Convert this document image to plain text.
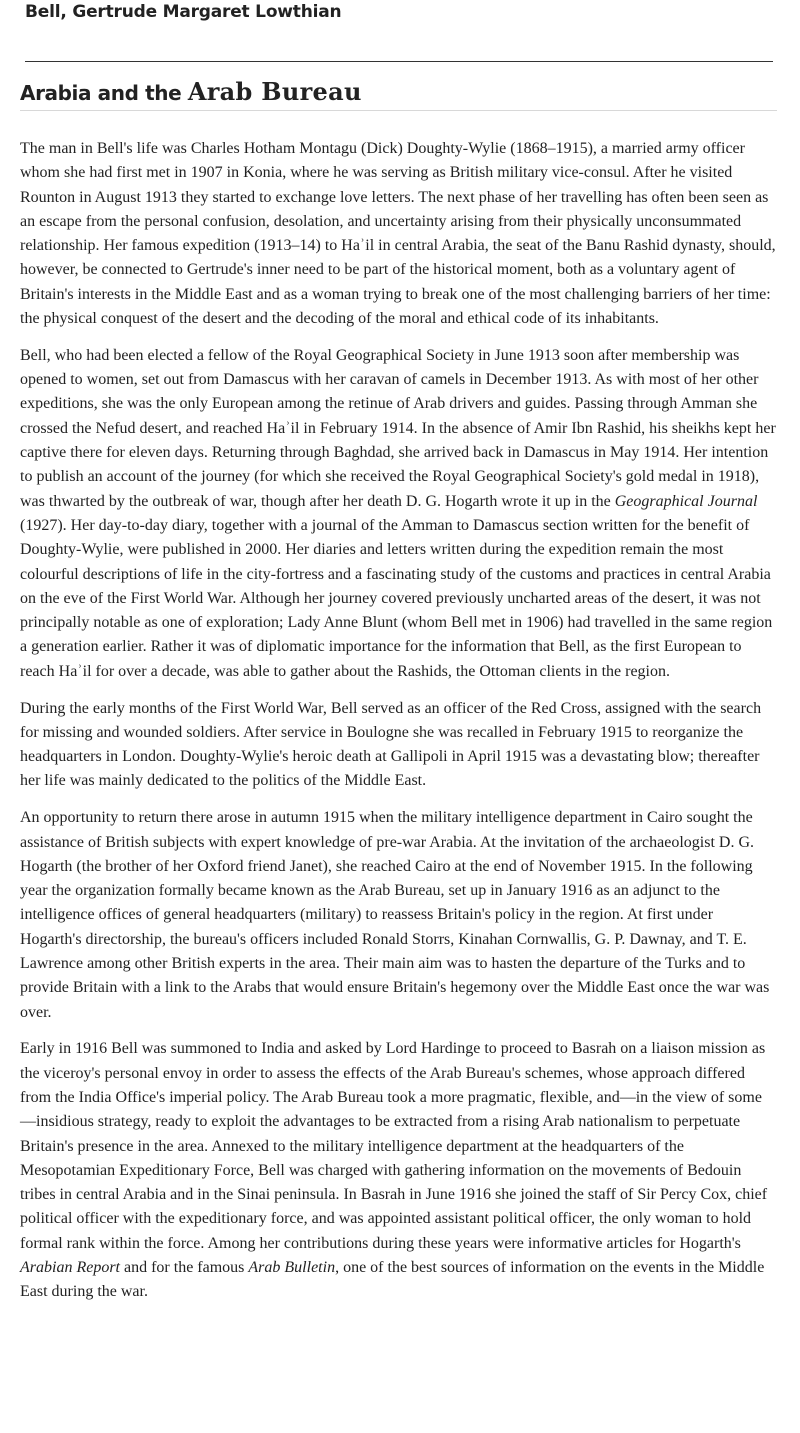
Bell, Gertrude Margaret Lowthian
Arabia and the Arab Bureau

The man in Bell's life was Charles Hotham Montagu (Dick) Doughty-Wylie (1868–1915), a married army officer whom she had first met in 1907 in Konia, where he was serving as British military vice-consul. After he visited Rounton in August 1913 they started to exchange love letters. The next phase of her travelling has often been seen as an escape from the personal confusion, desolation, and uncertainty arising from their physically unconsummated relationship. Her famous expedition (1913–14) to Haʾil in central Arabia, the seat of the Banu Rashid dynasty, should, however, be connected to Gertrude's inner need to be part of the historical moment, both as a voluntary agent of Britain's interests in the Middle East and as a woman trying to break one of the most challenging barriers of her time: the physical conquest of the desert and the decoding of the moral and ethical code of its inhabitants.

Bell, who had been elected a fellow of the Royal Geographical Society in June 1913 soon after membership was opened to women, set out from Damascus with her caravan of camels in December 1913. As with most of her other expeditions, she was the only European among the retinue of Arab drivers and guides. Passing through Amman she crossed the Nefud desert, and reached Haʾil in February 1914. In the absence of Amir Ibn Rashid, his sheikhs kept her captive there for eleven days. Returning through Baghdad, she arrived back in Damascus in May 1914. Her intention to publish an account of the journey (for which she received the Royal Geographical Society's gold medal in 1918), was thwarted by the outbreak of war, though after her death D. G. Hogarth wrote it up in the Geographical Journal (1927). Her day-to-day diary, together with a journal of the Amman to Damascus section written for the benefit of Doughty-Wylie, were published in 2000. Her diaries and letters written during the expedition remain the most colourful descriptions of life in the city-fortress and a fascinating study of the customs and practices in central Arabia on the eve of the First World War. Although her journey covered previously uncharted areas of the desert, it was not principally notable as one of exploration; Lady Anne Blunt (whom Bell met in 1906) had travelled in the same region a generation earlier. Rather it was of diplomatic importance for the information that Bell, as the first European to reach Haʾil for over a decade, was able to gather about the Rashids, the Ottoman clients in the region.

During the early months of the First World War, Bell served as an officer of the Red Cross, assigned with the search for missing and wounded soldiers. After service in Boulogne she was recalled in February 1915 to reorganize the headquarters in London. Doughty-Wylie's heroic death at Gallipoli in April 1915 was a devastating blow; thereafter her life was mainly dedicated to the politics of the Middle East.

An opportunity to return there arose in autumn 1915 when the military intelligence department in Cairo sought the assistance of British subjects with expert knowledge of pre-war Arabia. At the invitation of the archaeologist D. G. Hogarth (the brother of her Oxford friend Janet), she reached Cairo at the end of November 1915. In the following year the organization formally became known as the Arab Bureau, set up in January 1916 as an adjunct to the intelligence offices of general headquarters (military) to reassess Britain's policy in the region. At first under Hogarth's directorship, the bureau's officers included Ronald Storrs, Kinahan Cornwallis, G. P. Dawnay, and T. E. Lawrence among other British experts in the area. Their main aim was to hasten the departure of the Turks and to provide Britain with a link to the Arabs that would ensure Britain's hegemony over the Middle East once the war was over.

Early in 1916 Bell was summoned to India and asked by Lord Hardinge to proceed to Basrah on a liaison mission as the viceroy's personal envoy in order to assess the effects of the Arab Bureau's schemes, whose approach differed from the India Office's imperial policy. The Arab Bureau took a more pragmatic, flexible, and—in the view of some—insidious strategy, ready to exploit the advantages to be extracted from a rising Arab nationalism to perpetuate Britain's presence in the area. Annexed to the military intelligence department at the headquarters of the Mesopotamian Expeditionary Force, Bell was charged with gathering information on the movements of Bedouin tribes in central Arabia and in the Sinai peninsula. In Basrah in June 1916 she joined the staff of Sir Percy Cox, chief political officer with the expeditionary force, and was appointed assistant political officer, the only woman to hold formal rank within the force. Among her contributions during these years were informative articles for Hogarth's Arabian Report and for the famous Arab Bulletin, one of the best sources of information on the events in the Middle East during the war.
